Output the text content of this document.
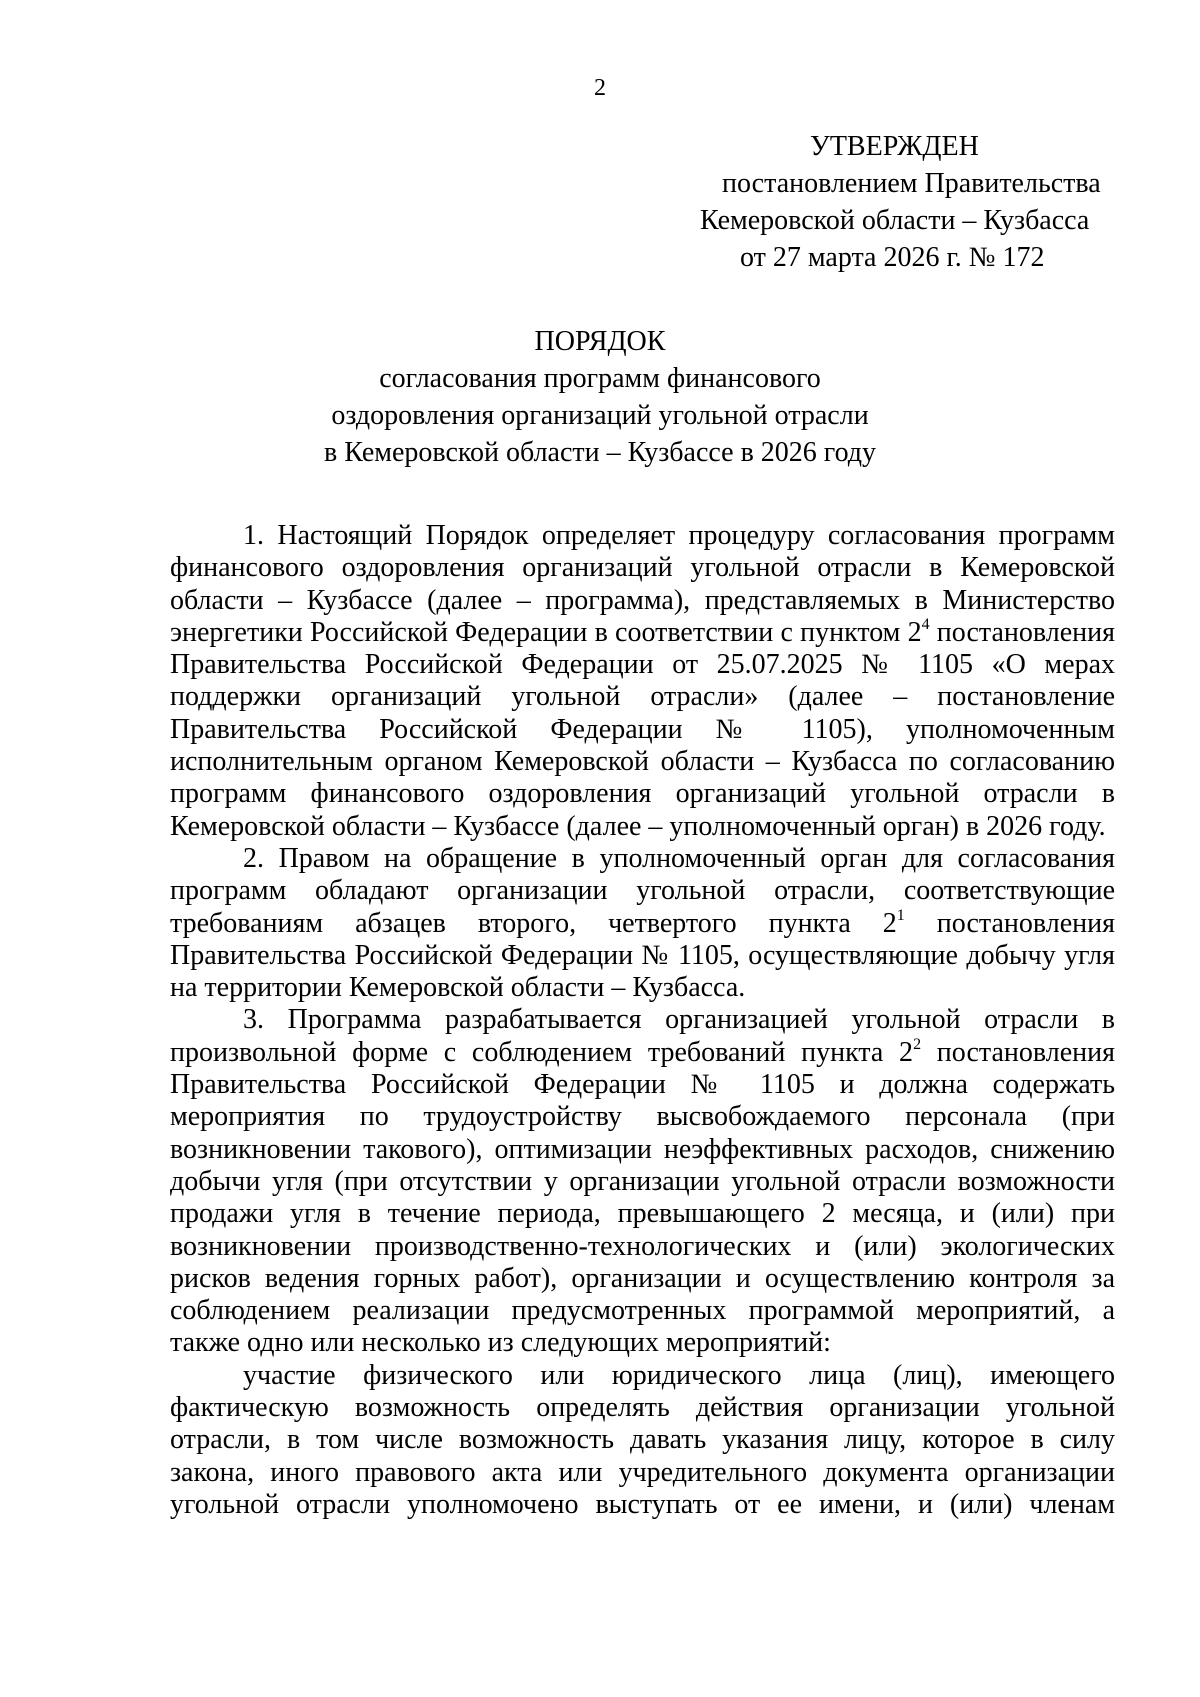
2
УТВЕРЖДЕН
постановлением Правительства
Кемеровской области – Кузбасса
от 27 марта 2026 г. № 172
ПОРЯДОК
согласования программ финансового
оздоровления организаций угольной отрасли
в Кемеровской области – Кузбассе в 2026 году

1. Настоящий Порядок определяет процедуру согласования программ финансового оздоровления организаций угольной отрасли в Кемеровской области – Кузбассе (далее – программа), представляемых в Министерство энергетики Российской Федерации в соответствии с пунктом $2^4$ постановления Правительства Российской Федерации от 25.07.2025 № 1105 «О мерах поддержки организаций угольной отрасли» (далее – постановление Правительства Российской Федерации № 1105), уполномоченным исполнительным органом Кемеровской области – Кузбасса по согласованию программ финансового оздоровления организаций угольной отрасли в Кемеровской области – Кузбассе (далее – уполномоченный орган) в 2026 году.

2. Правом на обращение в уполномоченный орган для согласования программ обладают организации угольной отрасли, соответствующие требованиям абзацев второго, четвертого пункта $2^1$ постановления Правительства Российской Федерации № 1105, осуществляющие добычу угля на территории Кемеровской области – Кузбасса.

3. Программа разрабатывается организацией угольной отрасли в произвольной форме с соблюдением требований пункта $2^2$ постановления Правительства Российской Федерации № 1105 и должна содержать мероприятия по трудоустройству высвобождаемого персонала (при возникновении такового), оптимизации неэффективных расходов, снижению добычи угля (при отсутствии у организации угольной отрасли возможности продажи угля в течение периода, превышающего 2 месяца, и (или) при возникновении производственно-технологических и (или) экологических рисков ведения горных работ), организации и осуществлению контроля за соблюдением реализации предусмотренных программой мероприятий, а также одно или несколько из следующих мероприятий:

участие физического или юридического лица (лиц), имеющего фактическую возможность определять действия организации угольной отрасли, в том числе возможность давать указания лицу, которое в силу закона, иного правового акта или учредительного документа организации угольной отрасли уполномочено выступать от ее имени, и (или) членам
